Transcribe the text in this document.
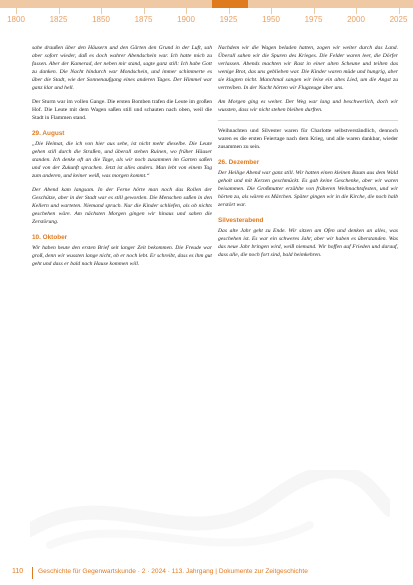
1800	1825	1850	1875	1900	1925	1950	1975	2000	2025

sahe draußen über den Häusern und den Gärten den Grund in der Luft, sah aber sofort wieder, daß es doch wahrer Abendschein war. Ich hatte mich zu fassen. Aber der Kamerad, der neben mir stand, sagte ganz still: Ich habe Gott zu danken. Die Nacht hindurch war Mondschein, und immer schimmerte es über die Stadt, wie der Sonnenaufgang eines anderen Tages. Der Himmel war ganz klar und hell.

Der Sturm war im vollen Gange. Die ersten Bomben trafen die Leute im großen Hof. Die Leute mit dem Wagen saßen still und schauten nach oben, weil die Stadt in Flammen stand.

29. August

„Die Heimat, die ich von hier aus sehe, ist nicht mehr dieselbe. Die Leute gehen still durch die Straßen, und überall stehen Ruinen, wo früher Häuser standen. Ich denke oft an die Tage, als wir noch zusammen im Garten saßen und von der Zukunft sprachen. Jetzt ist alles anders. Man lebt von einem Tag zum anderen, und keiner weiß, was morgen kommt.“

Der Abend kam langsam. In der Ferne hörte man noch das Rollen der Geschütze, aber in der Stadt war es still geworden. Die Menschen saßen in den Kellern und warteten. Niemand sprach. Nur die Kinder schliefen, als ob nichts geschehen wäre. Am nächsten Morgen gingen wir hinaus und sahen die Zerstörung.

10. Oktober

Wir haben heute den ersten Brief seit langer Zeit bekommen. Die Freude war groß, denn wir wussten lange nicht, ob er noch lebt. Er schreibt, dass es ihm gut geht und dass er bald nach Hause kommen will.

Nachdem wir die Wagen beladen hatten, zogen wir weiter durch das Land. Überall sahen wir die Spuren des Krieges. Die Felder waren leer, die Dörfer verlassen. Abends machten wir Rast in einer alten Scheune und teilten das wenige Brot, das uns geblieben war. Die Kinder waren müde und hungrig, aber sie klagten nicht. Manchmal sangen wir leise ein altes Lied, um die Angst zu vertreiben. In der Nacht hörten wir Flugzeuge über uns.

Am Morgen ging es weiter. Der Weg war lang und beschwerlich, doch wir wussten, dass wir nicht stehen bleiben durften.

Weihnachten und Silvester waren für Charlotte selbstverständlich, dennoch waren es die ersten Feiertage nach dem Krieg, und alle waren dankbar, wieder zusammen zu sein.

26. Dezember

Der Heilige Abend war ganz still. Wir hatten einen kleinen Baum aus dem Wald geholt und mit Kerzen geschmückt. Es gab keine Geschenke, aber wir waren beisammen. Die Großmutter erzählte von früheren Weihnachtsfesten, und wir hörten zu, als wären es Märchen. Später gingen wir in die Kirche, die noch halb zerstört war.

Silvesterabend

Das alte Jahr geht zu Ende. Wir sitzen am Ofen und denken an alles, was geschehen ist. Es war ein schweres Jahr, aber wir haben es überstanden. Was das neue Jahr bringen wird, weiß niemand. Wir hoffen auf Frieden und darauf, dass alle, die noch fort sind, bald heimkehren.

110 Geschichte für Gegenwartskunde · 2 · 2024 · 113. Jahrgang | Dokumente zur Zeitgeschichte
